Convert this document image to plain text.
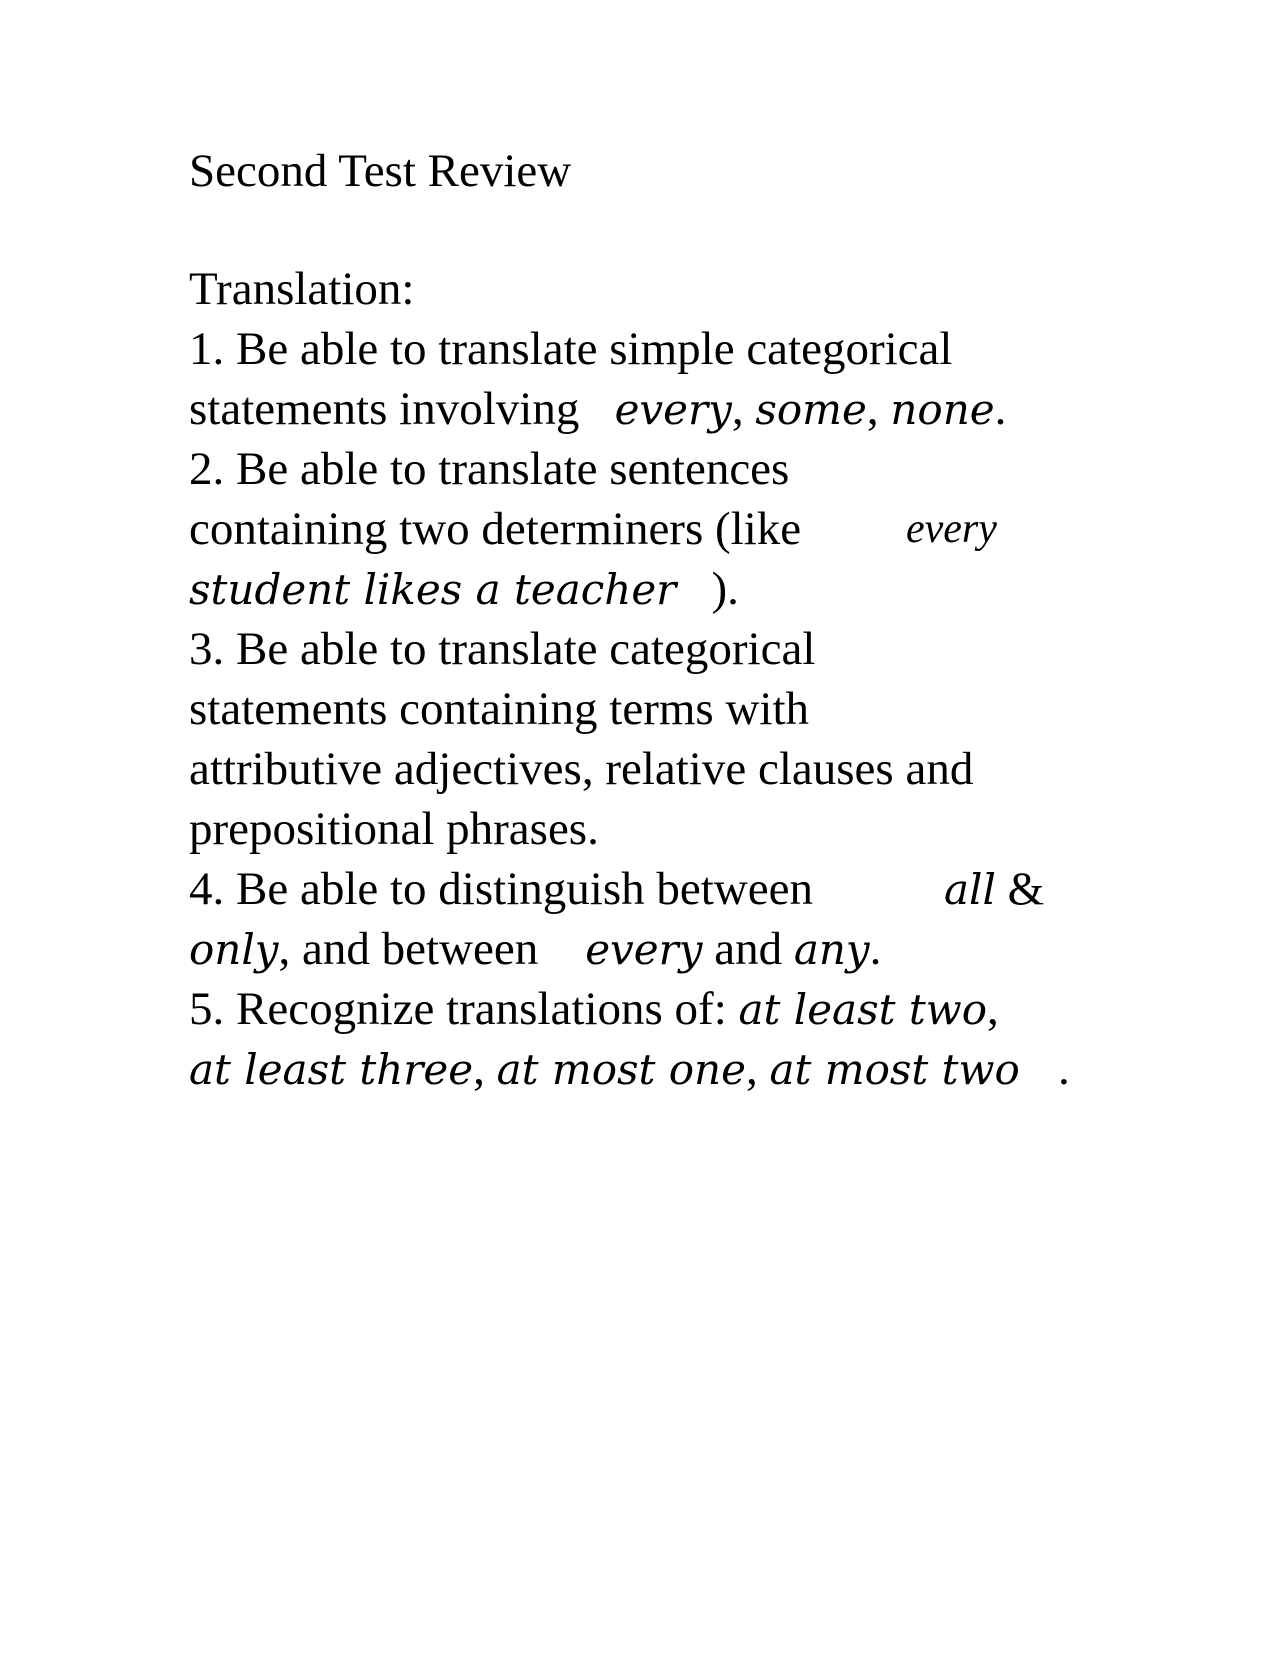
Second Test Review

Translation:

1. Be able to translate simple categorical

statements involving every, some, none.

2. Be able to translate sentences

containing two determiners (like every

student likes a teacher ).

3. Be able to translate categorical

statements containing terms with

attributive adjectives, relative clauses and

prepositional phrases.

4. Be able to distinguish between	all &

only, and between every and any.

5. Recognize translations of: at least two,

at least three, at most one, at most two .
